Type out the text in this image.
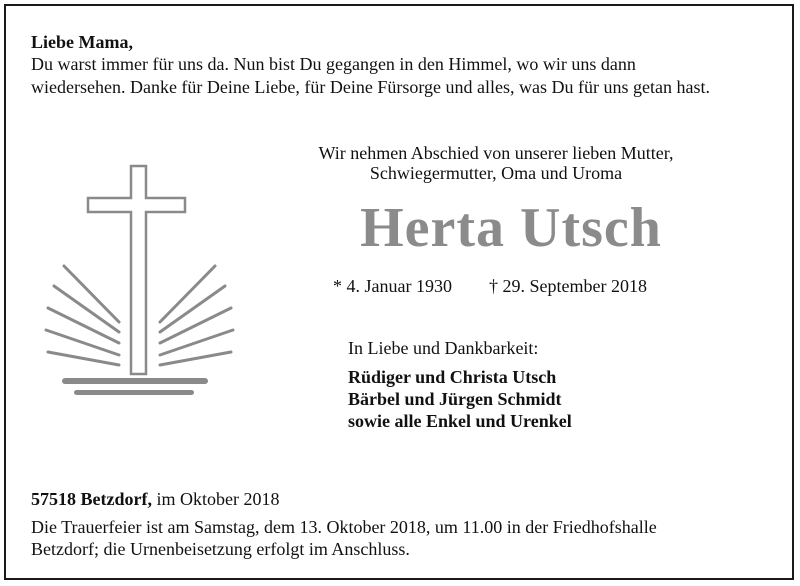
Liebe Mama,
Du warst immer für uns da. Nun bist Du gegangen in den Himmel, wo wir uns dann
wiedersehen. Danke für Deine Liebe, für Deine Fürsorge und alles, was Du für uns getan hast.
Wir nehmen Abschied von unserer lieben Mutter,
Schwiegermutter, Oma und Uroma
Herta Utsch
* 4. Januar 1930 † 29. September 2018
In Liebe und Dankbarkeit:
Rüdiger und Christa Utsch
Bärbel und Jürgen Schmidt
sowie alle Enkel und Urenkel
57518 Betzdorf, im Oktober 2018
Die Trauerfeier ist am Samstag, dem 13. Oktober 2018, um 11.00 in der Friedhofshalle
Betzdorf; die Urnenbeisetzung erfolgt im Anschluss.
